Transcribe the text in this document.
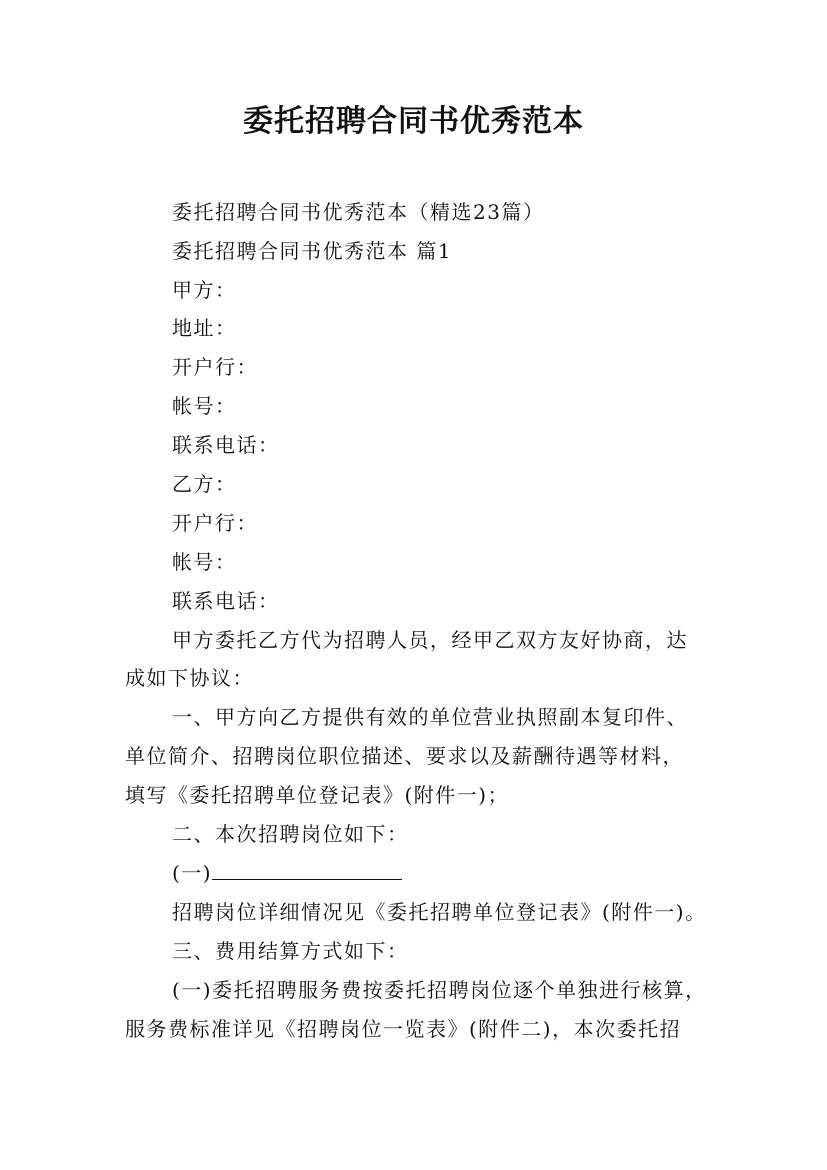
委托招聘合同书优秀范本
委托招聘合同书优秀范本（精选23篇）
委托招聘合同书优秀范本 篇1
甲方：
地址：
开户行：
帐号：
联系电话：
乙方：
开户行：
帐号：
联系电话：
甲方委托乙方代为招聘人员，经甲乙双方友好协商，达
成如下协议：
一、甲方向乙方提供有效的单位营业执照副本复印件、
单位简介、招聘岗位职位描述、要求以及薪酬待遇等材料，
填写《委托招聘单位登记表》(附件一)；
二、本次招聘岗位如下：
(一)
招聘岗位详细情况见《委托招聘单位登记表》(附件一)。
三、费用结算方式如下：
(一)委托招聘服务费按委托招聘岗位逐个单独进行核算，
服务费标准详见《招聘岗位一览表》(附件二)，本次委托招
